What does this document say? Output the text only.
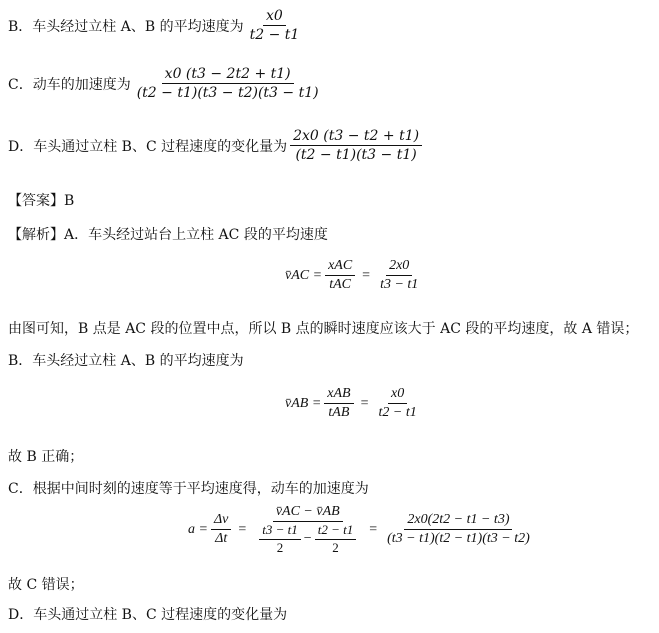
B．车头经过立柱 A、B 的平均速度为 $\frac{x0}{t2 - t1}$
C．动车的加速度为 $\frac{x0 (t3 - 2t2 + t1)}{(t2 - t1)(t3 - t2)(t3 - t1)}$
D．车头通过立柱 B、C 过程速度的变化量为 $\frac{2x0 (t3 - t2 + t1)}{(t2 - t1)(t3 - t1)}$
【答案】B
【解析】A．车头经过站台上立柱 AC 段的平均速度
v̄AC = $\frac{\text{xAC}}{\text{tAC}} = \frac{2x0}{t3 - t1}$
由图可知，B 点是 AC 段的位置中点，所以 B 点的瞬时速度应该大于 AC 段的平均速度，故 A 错误；
B．车头经过立柱 A、B 的平均速度为
v̄AB = $\frac{\text{xAB}}{\text{tAB}} = \frac{x0}{t2 - t1}$
故 B 正确；
C．根据中间时刻的速度等于平均速度得，动车的加速度为
$a = \frac{\Delta v}{\Delta t}$ =
v̄AC − v̄AB
$\frac{t3 - t1}{2} - \frac{t2 - t1}{2} = \frac{2x0(2t2 - t1 - t3)}{(t3 - t1)(t2 - t1)(t3 - t2)}$
故 C 错误；
D．车头通过立柱 B、C 过程速度的变化量为
